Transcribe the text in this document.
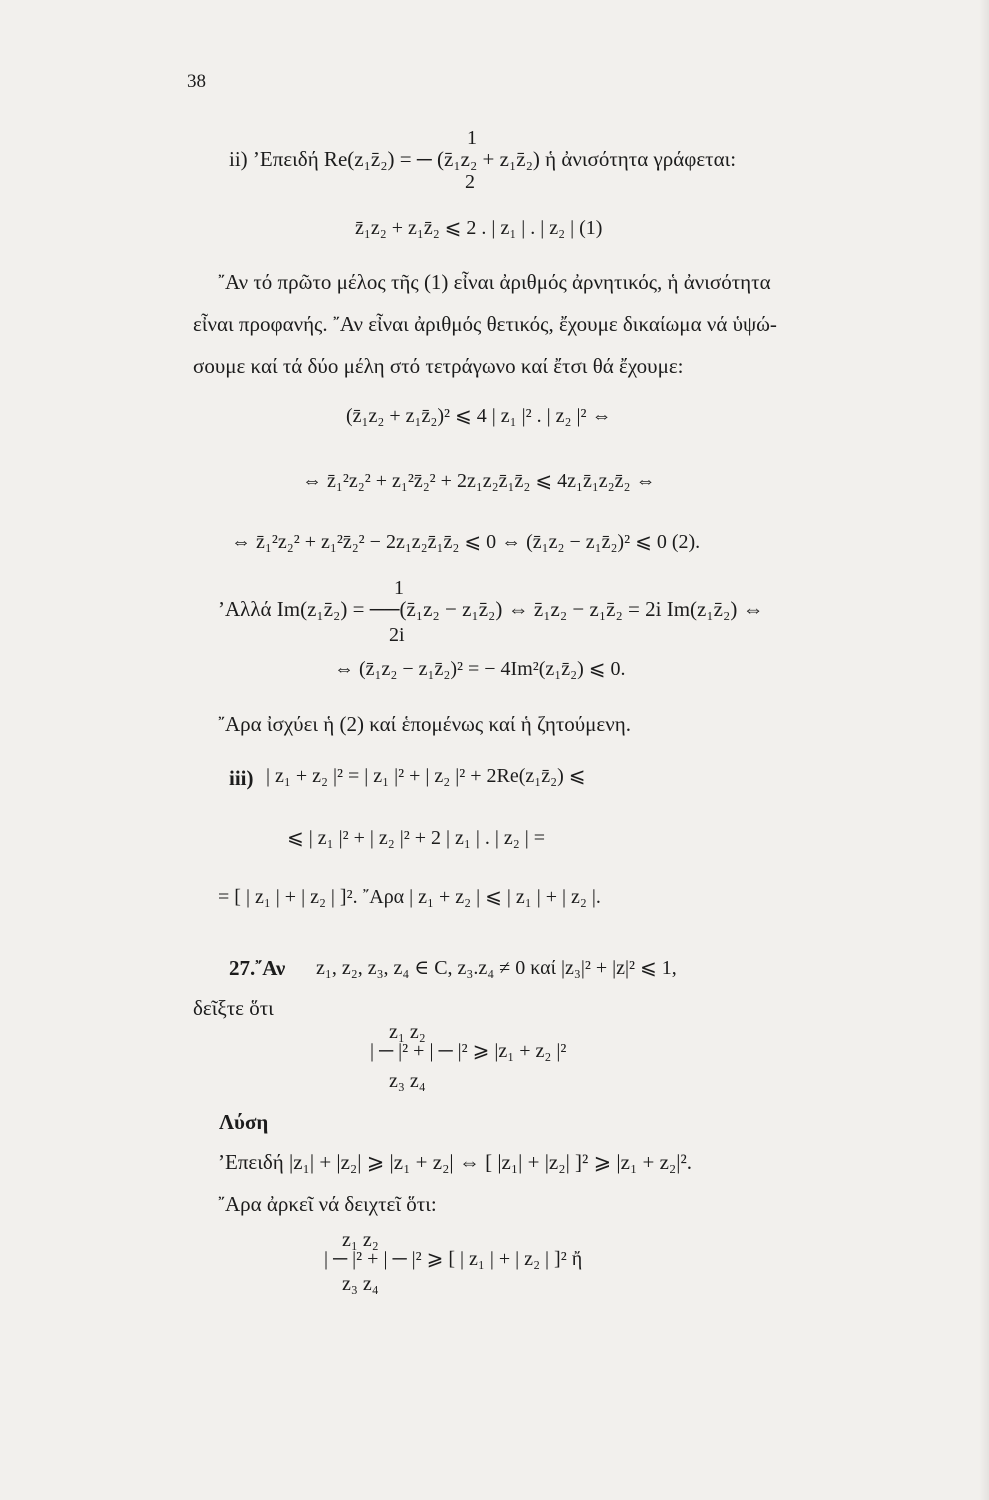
38
1
ii) ’Επειδή Re(z₁z̄₂) = ─ (z̄₁z₂ + z₁z̄₂) ἡ ἀνισότητα γράφεται:
2
z̄₁z₂ + z₁z̄₂ ⩽ 2 . | z₁ | . | z₂ | (1)
῎Αν τό πρῶτο μέλος τῆς (1) εἶναι ἀριθμός ἀρνητικός, ἡ ἀνισότητα
εἶναι προφανής. ῎Αν εἶναι ἀριθμός θετικός, ἔχουμε δικαίωμα νά ὑψώ-
σουμε καί τά δύο μέλη στό τετράγωνο καί ἔτσι θά ἔχουμε:
(z̄₁z₂ + z₁z̄₂)² ⩽ 4 | z₁ |² . | z₂ |² ⇔
⇔ z̄₁²z₂² + z₁²z̄₂² + 2z₁z₂z̄₁z̄₂ ⩽ 4z₁z̄₁z₂z̄₂ ⇔
⇔ z̄₁²z₂² + z₁²z̄₂² − 2z₁z₂z̄₁z̄₂ ⩽ 0 ⇔ (z̄₁z₂ − z₁z̄₂)² ⩽ 0 (2).
1
’Αλλά Im(z₁z̄₂) = ──(z̄₁z₂ − z₁z̄₂) ⇔ z̄₁z₂ − z₁z̄₂ = 2i Im(z₁z̄₂) ⇔
2i
⇔ (z̄₁z₂ − z₁z̄₂)² = − 4Im²(z₁z̄₂) ⩽ 0.
῎Αρα ἰσχύει ἡ (2) καί ἑπομένως καί ἡ ζητούμενη.
iii) | z₁ + z₂ |² = | z₁ |² + | z₂ |² + 2Re(z₁z̄₂) ⩽
⩽ | z₁ |² + | z₂ |² + 2 | z₁ | . | z₂ | =
= [ | z₁ | + | z₂ | ]². ῎Αρα | z₁ + z₂ | ⩽ | z₁ | + | z₂ |.
27.῎Αν z₁, z₂, z₃, z₄ ∈ C, z₃.z₄ ≠ 0 καί |z₃|² + |z|² ⩽ 1,
δεῖξτε ὅτι
z₁ z₂
| ─ |² + | ─ |² ⩾ |z₁ + z₂ |²
z₃ z₄
Λύση
’Επειδή |z₁| + |z₂| ⩾ |z₁ + z₂| ⇔ [ |z₁| + |z₂| ]² ⩾ |z₁ + z₂|².
῎Αρα ἀρκεῖ νά δειχτεῖ ὅτι:
z₁ z₂
| ─ |² + | ─ |² ⩾ [ | z₁ | + | z₂ | ]² ἤ
z₃ z₄
